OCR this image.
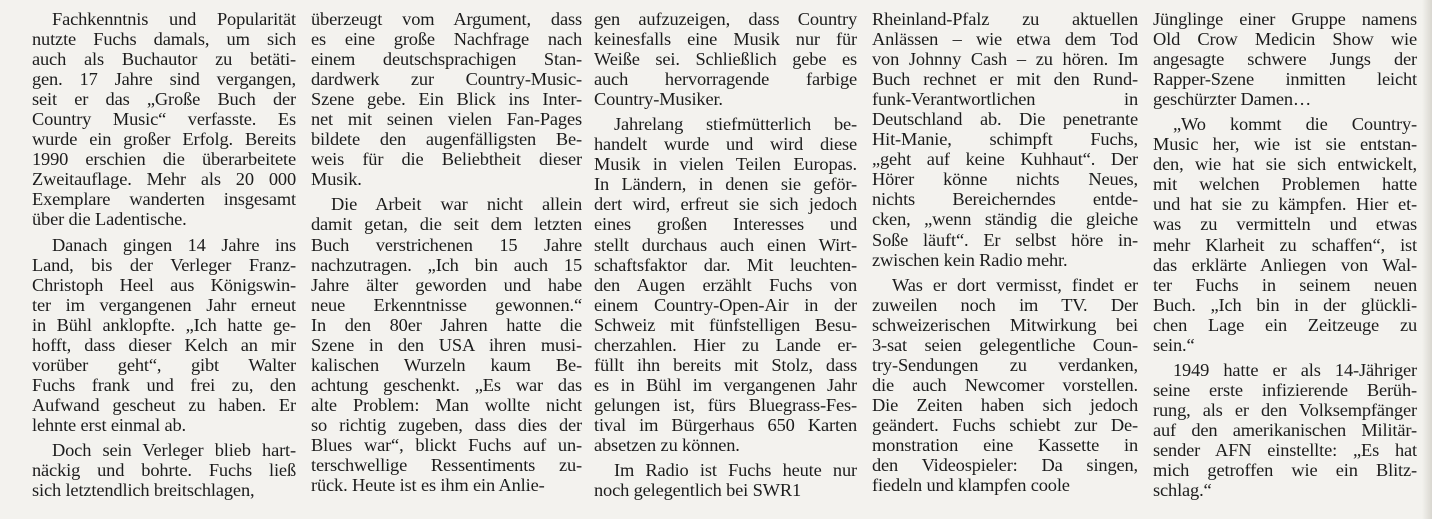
Fachkenntnis und Popularität
nutzte Fuchs damals, um sich
auch als Buchautor zu betäti-
gen. 17 Jahre sind vergangen,
seit er das „Große Buch der
Country Music“ verfasste. Es
wurde ein großer Erfolg. Bereits
1990 erschien die überarbeitete
Zweitauflage. Mehr als 20 000
Exemplare wanderten insgesamt
über die Ladentische.

Danach gingen 14 Jahre ins
Land, bis der Verleger Franz-
Christoph Heel aus Königswin-
ter im vergangenen Jahr erneut
in Bühl anklopfte. „Ich hatte ge-
hofft, dass dieser Kelch an mir
vorüber geht“, gibt Walter
Fuchs frank und frei zu, den
Aufwand gescheut zu haben. Er
lehnte erst einmal ab.

Doch sein Verleger blieb hart-
näckig und bohrte. Fuchs ließ
sich letztendlich breitschlagen,

überzeugt vom Argument, dass
es eine große Nachfrage nach
einem deutschsprachigen Stan-
dardwerk zur Country-Music-
Szene gebe. Ein Blick ins Inter-
net mit seinen vielen Fan-Pages
bildete den augenfälligsten Be-
weis für die Beliebtheit dieser
Musik.

Die Arbeit war nicht allein
damit getan, die seit dem letzten
Buch verstrichenen 15 Jahre
nachzutragen. „Ich bin auch 15
Jahre älter geworden und habe
neue Erkenntnisse gewonnen.“
In den 80er Jahren hatte die
Szene in den USA ihren musi-
kalischen Wurzeln kaum Be-
achtung geschenkt. „Es war das
alte Problem: Man wollte nicht
so richtig zugeben, dass dies der
Blues war“, blickt Fuchs auf un-
terschwellige Ressentiments zu-
rück. Heute ist es ihm ein Anlie-

gen aufzuzeigen, dass Country
keinesfalls eine Musik nur für
Weiße sei. Schließlich gebe es
auch hervorragende farbige
Country-Musiker.

Jahrelang stiefmütterlich be-
handelt wurde und wird diese
Musik in vielen Teilen Europas.
In Ländern, in denen sie geför-
dert wird, erfreut sie sich jedoch
eines großen Interesses und
stellt durchaus auch einen Wirt-
schaftsfaktor dar. Mit leuchten-
den Augen erzählt Fuchs von
einem Country-Open-Air in der
Schweiz mit fünfstelligen Besu-
cherzahlen. Hier zu Lande er-
füllt ihn bereits mit Stolz, dass
es in Bühl im vergangenen Jahr
gelungen ist, fürs Bluegrass-Fes-
tival im Bürgerhaus 650 Karten
absetzen zu können.

Im Radio ist Fuchs heute nur
noch gelegentlich bei SWR1

Rheinland-Pfalz zu aktuellen
Anlässen – wie etwa dem Tod
von Johnny Cash – zu hören. Im
Buch rechnet er mit den Rund-
funk-Verantwortlichen in
Deutschland ab. Die penetrante
Hit-Manie, schimpft Fuchs,
„geht auf keine Kuhhaut“. Der
Hörer könne nichts Neues,
nichts Bereicherndes entde-
cken, „wenn ständig die gleiche
Soße läuft“. Er selbst höre in-
zwischen kein Radio mehr.

Was er dort vermisst, findet er
zuweilen noch im TV. Der
schweizerischen Mitwirkung bei
3-sat seien gelegentliche Coun-
try-Sendungen zu verdanken,
die auch Newcomer vorstellen.
Die Zeiten haben sich jedoch
geändert. Fuchs schiebt zur De-
monstration eine Kassette in
den Videospieler: Da singen,
fiedeln und klampfen coole

Jünglinge einer Gruppe namens
Old Crow Medicin Show wie
angesagte schwere Jungs der
Rapper-Szene inmitten leicht
geschürzter Damen…

„Wo kommt die Country-
Music her, wie ist sie entstan-
den, wie hat sie sich entwickelt,
mit welchen Problemen hatte
und hat sie zu kämpfen. Hier et-
was zu vermitteln und etwas
mehr Klarheit zu schaffen“, ist
das erklärte Anliegen von Wal-
ter Fuchs in seinem neuen
Buch. „Ich bin in der glückli-
chen Lage ein Zeitzeuge zu
sein.“

1949 hatte er als 14-Jähriger
seine erste infizierende Berüh-
rung, als er den Volksempfänger
auf den amerikanischen Militär-
sender AFN einstellte: „Es hat
mich getroffen wie ein Blitz-
schlag.“
